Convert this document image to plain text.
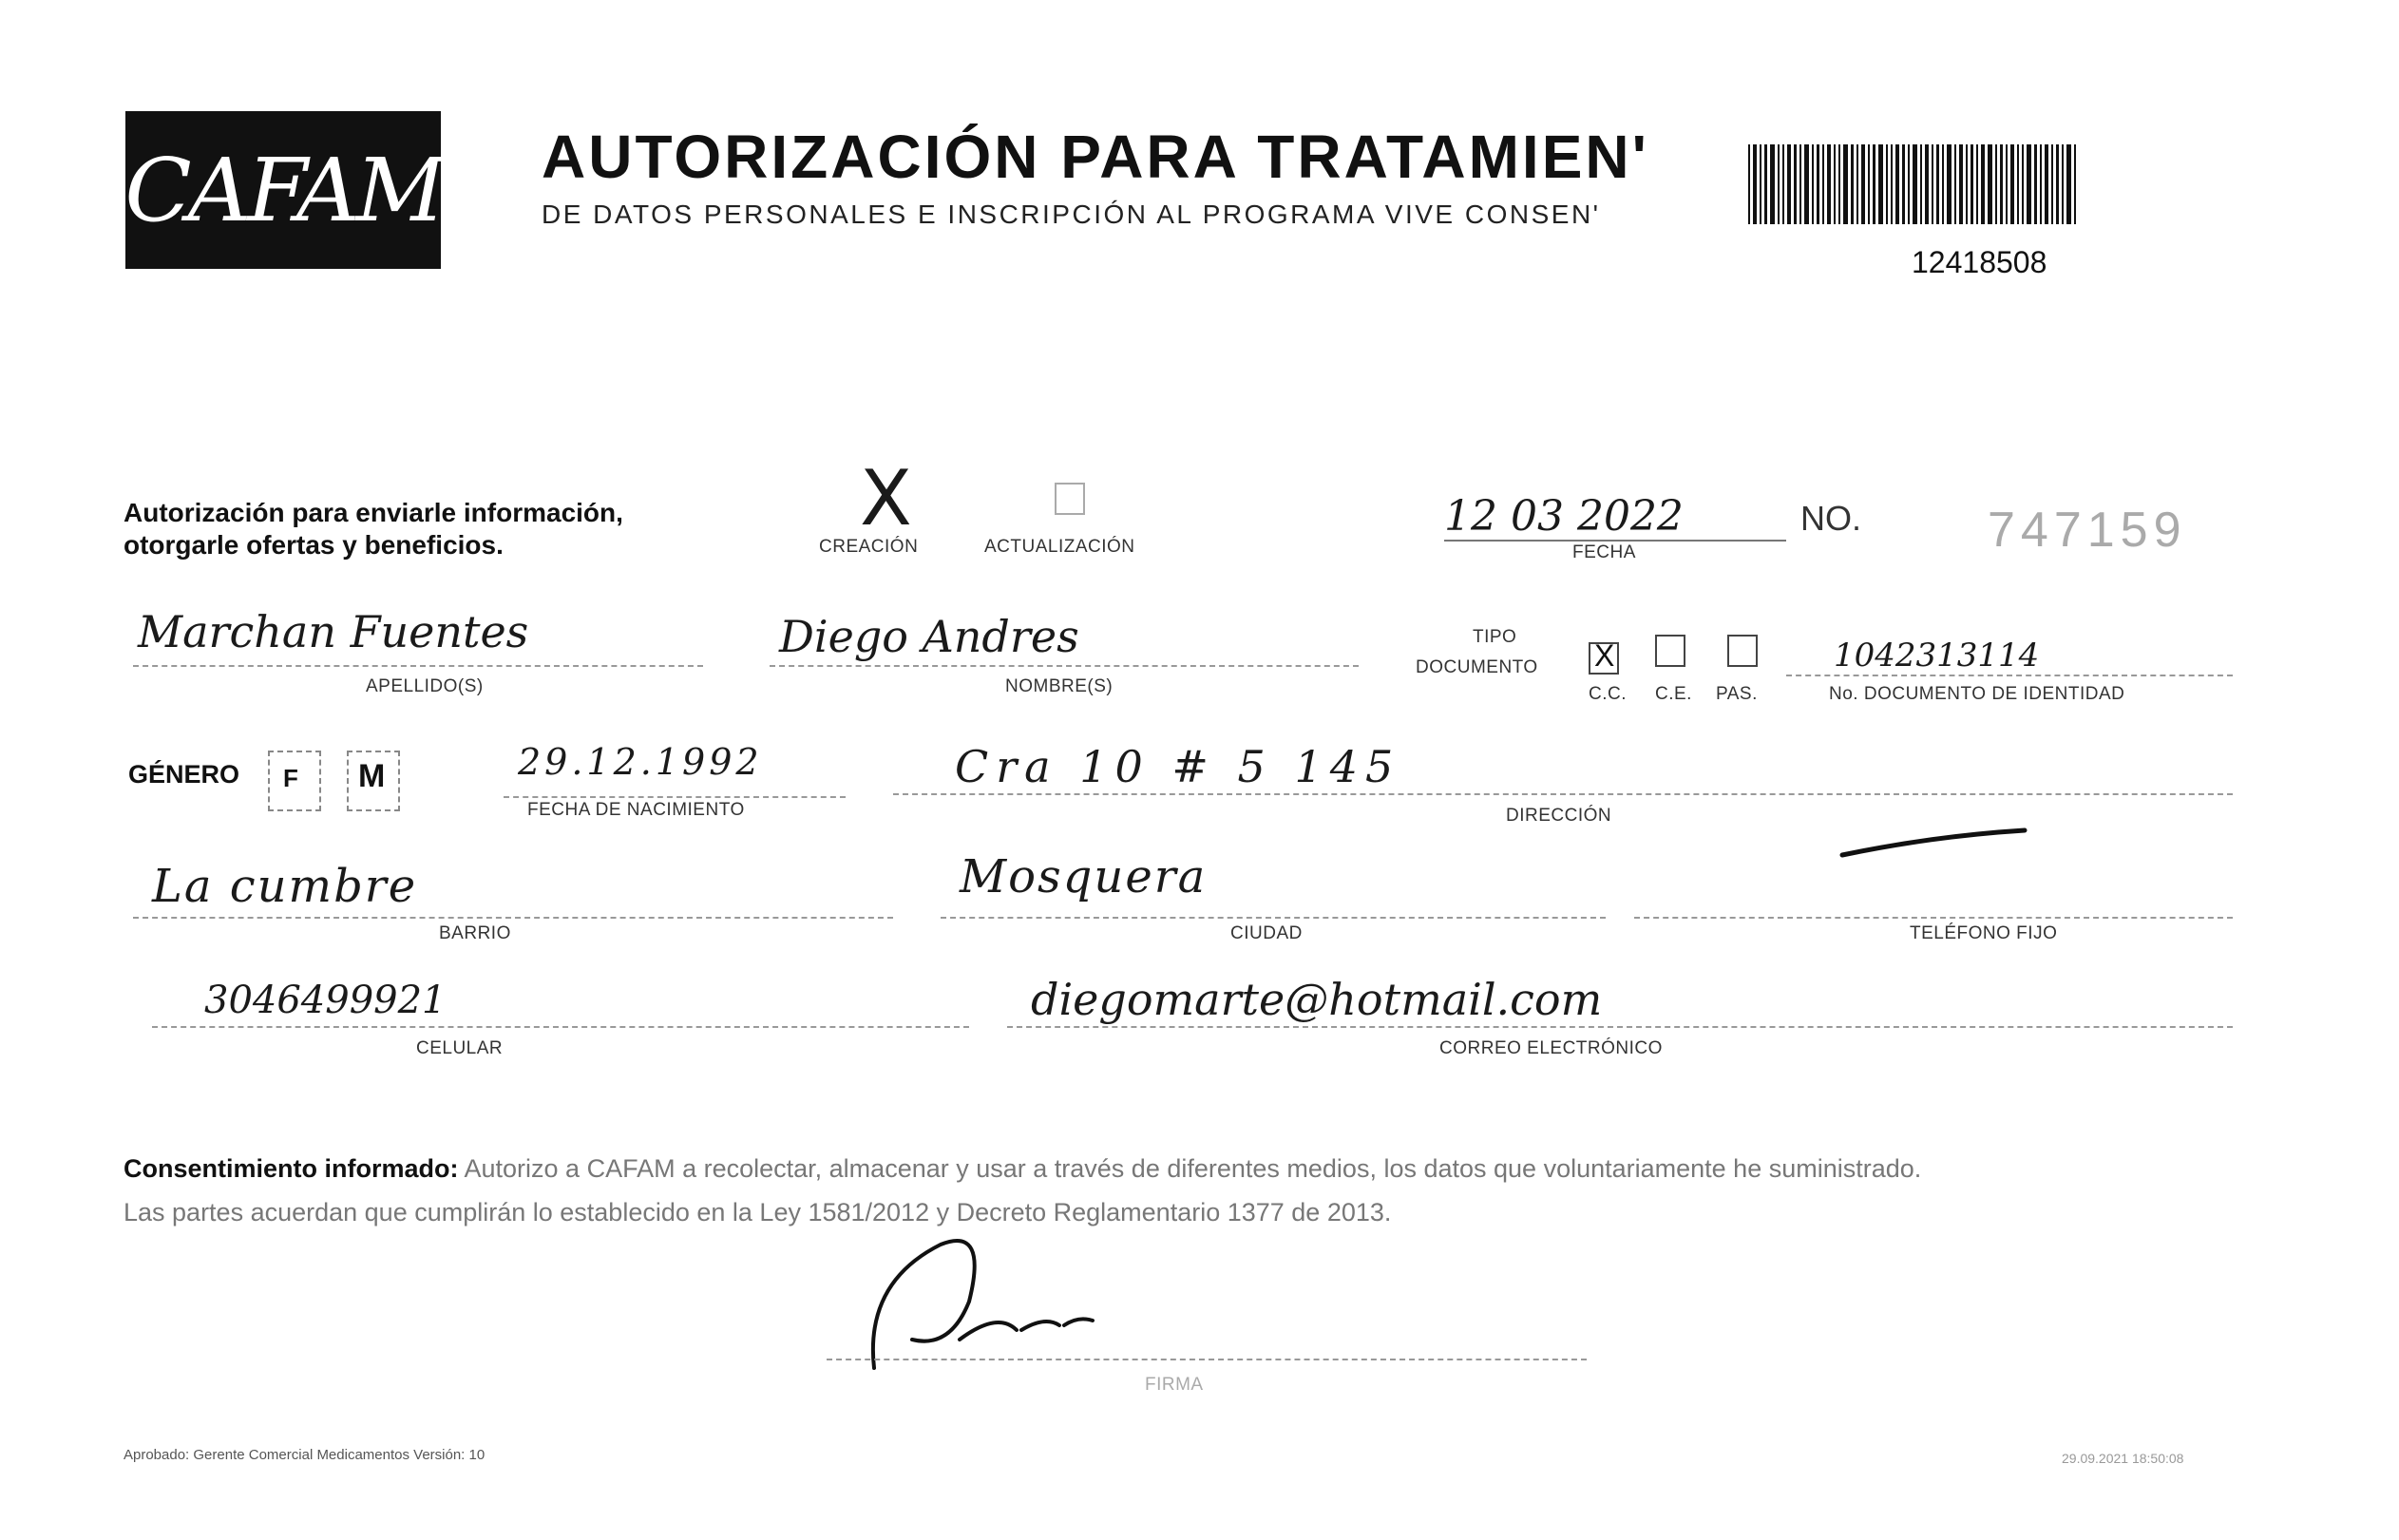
CAFAM AUTORIZACIÓN PARA TRATAMIEN'
DE DATOS PERSONALES E INSCRIPCIÓN AL PROGRAMA VIVE CONSEN'
12418508
Autorización para enviarle información,
otorgarle ofertas y beneficios.
X
CREACIÓN	ACTUALIZACIÓN
12 03 2022
FECHA
NO.	747159
Marchan Fuentes
APELLIDO(S)
Diego Andres
NOMBRE(S)
TIPO
DOCUMENTO X
C.C. C.E. PAS.
1042313114
No. DOCUMENTO DE IDENTIDAD
GÉNERO F M	29.12.1992
FECHA DE NACIMIENTO
Cra 10 # 5 145
DIRECCIÓN
La cumbre
BARRIO
Mosquera
CIUDAD	TELÉFONO FIJO
3046499921
CELULAR
diegomarte@hotmail.com
CORREO ELECTRÓNICO
Consentimiento informado: Autorizo a CAFAM a recolectar, almacenar y usar a través de diferentes medios, los datos que voluntariamente he suministrado.
Las partes acuerdan que cumplirán lo establecido en la Ley 1581/2012 y Decreto Reglamentario 1377 de 2013.
FIRMA
Aprobado: Gerente Comercial Medicamentos Versión: 10	29.09.2021 18:50:08
